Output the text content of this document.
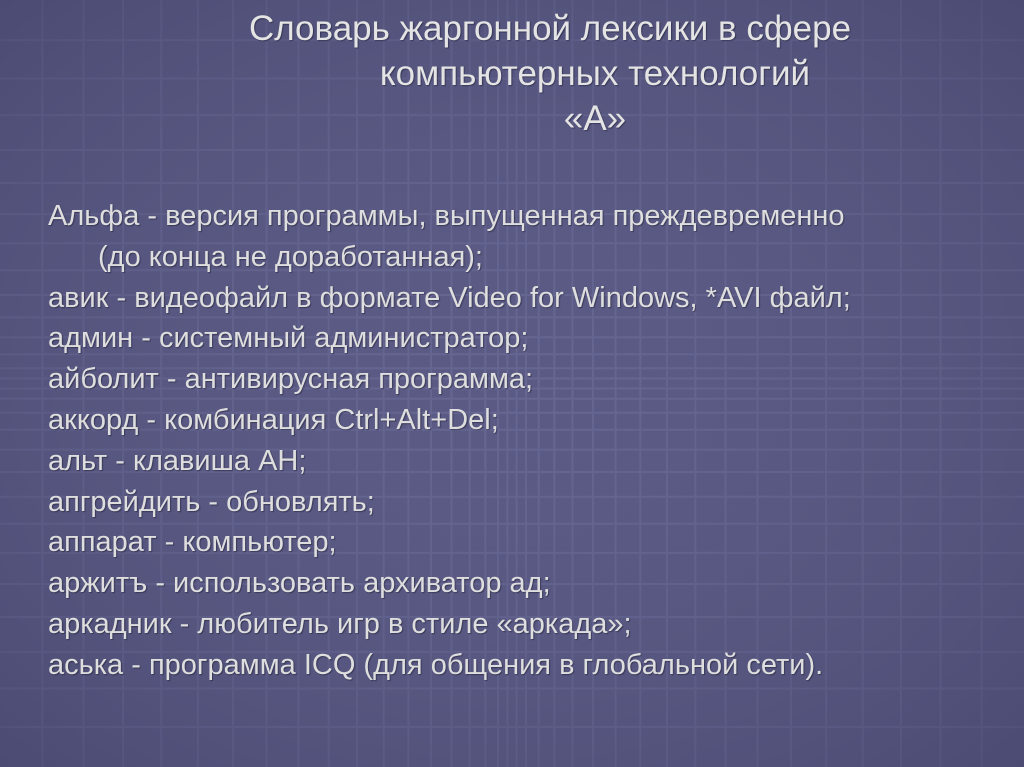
Словарь жаргонной лексики в сфере
компьютерных технологий
«А»
Альфа - версия программы, выпущенная преждевременно
(до конца не доработанная);
авик - видеофайл в формате Video for Windows, *AVI файл;
админ - системный администратор;
айболит - антивирусная программа;
аккорд - комбинация Ctrl+Alt+Del;
альт - клавиша АН;
апгрейдить - обновлять;
аппарат - компьютер;
аржитъ - использовать архиватор ад;
аркадник - любитель игр в стиле «аркада»;
аська - программа ICQ (для общения в глобальной сети).
